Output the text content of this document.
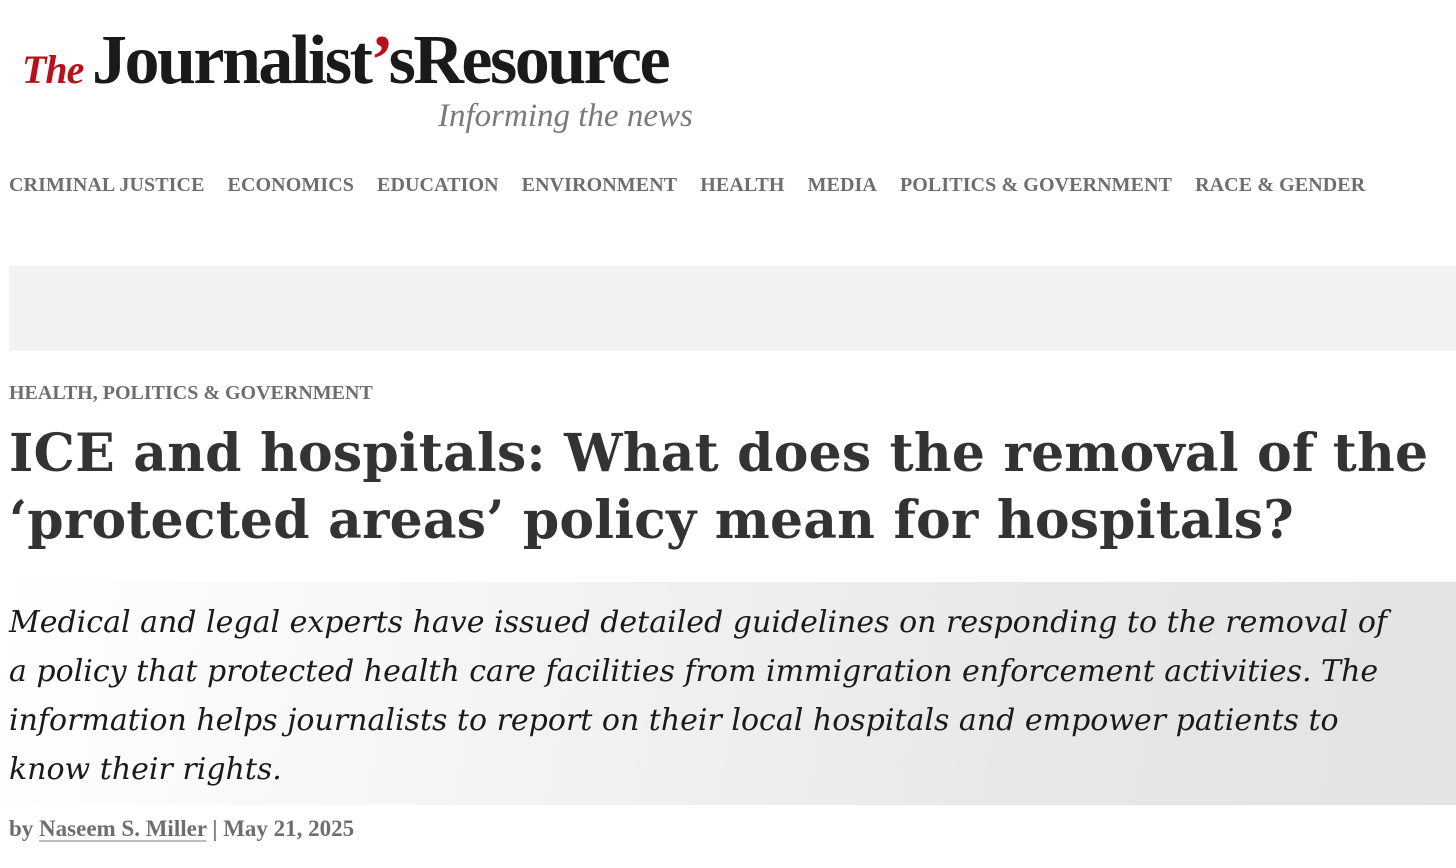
The Journalist’sResource
Informing the news
CRIMINAL JUSTICE ECONOMICS EDUCATION ENVIRONMENT HEALTH MEDIA POLITICS & GOVERNMENT RACE & GENDER
HEALTH, POLITICS & GOVERNMENT
ICE and hospitals: What does the removal of the ‘protected areas’ policy mean for hospitals?

Medical and legal experts have issued detailed guidelines on responding to the removal of a policy that protected health care facilities from immigration enforcement activities. The information helps journalists to report on their local hospitals and empower patients to know their rights.

by Naseem S. Miller | May 21, 2025
